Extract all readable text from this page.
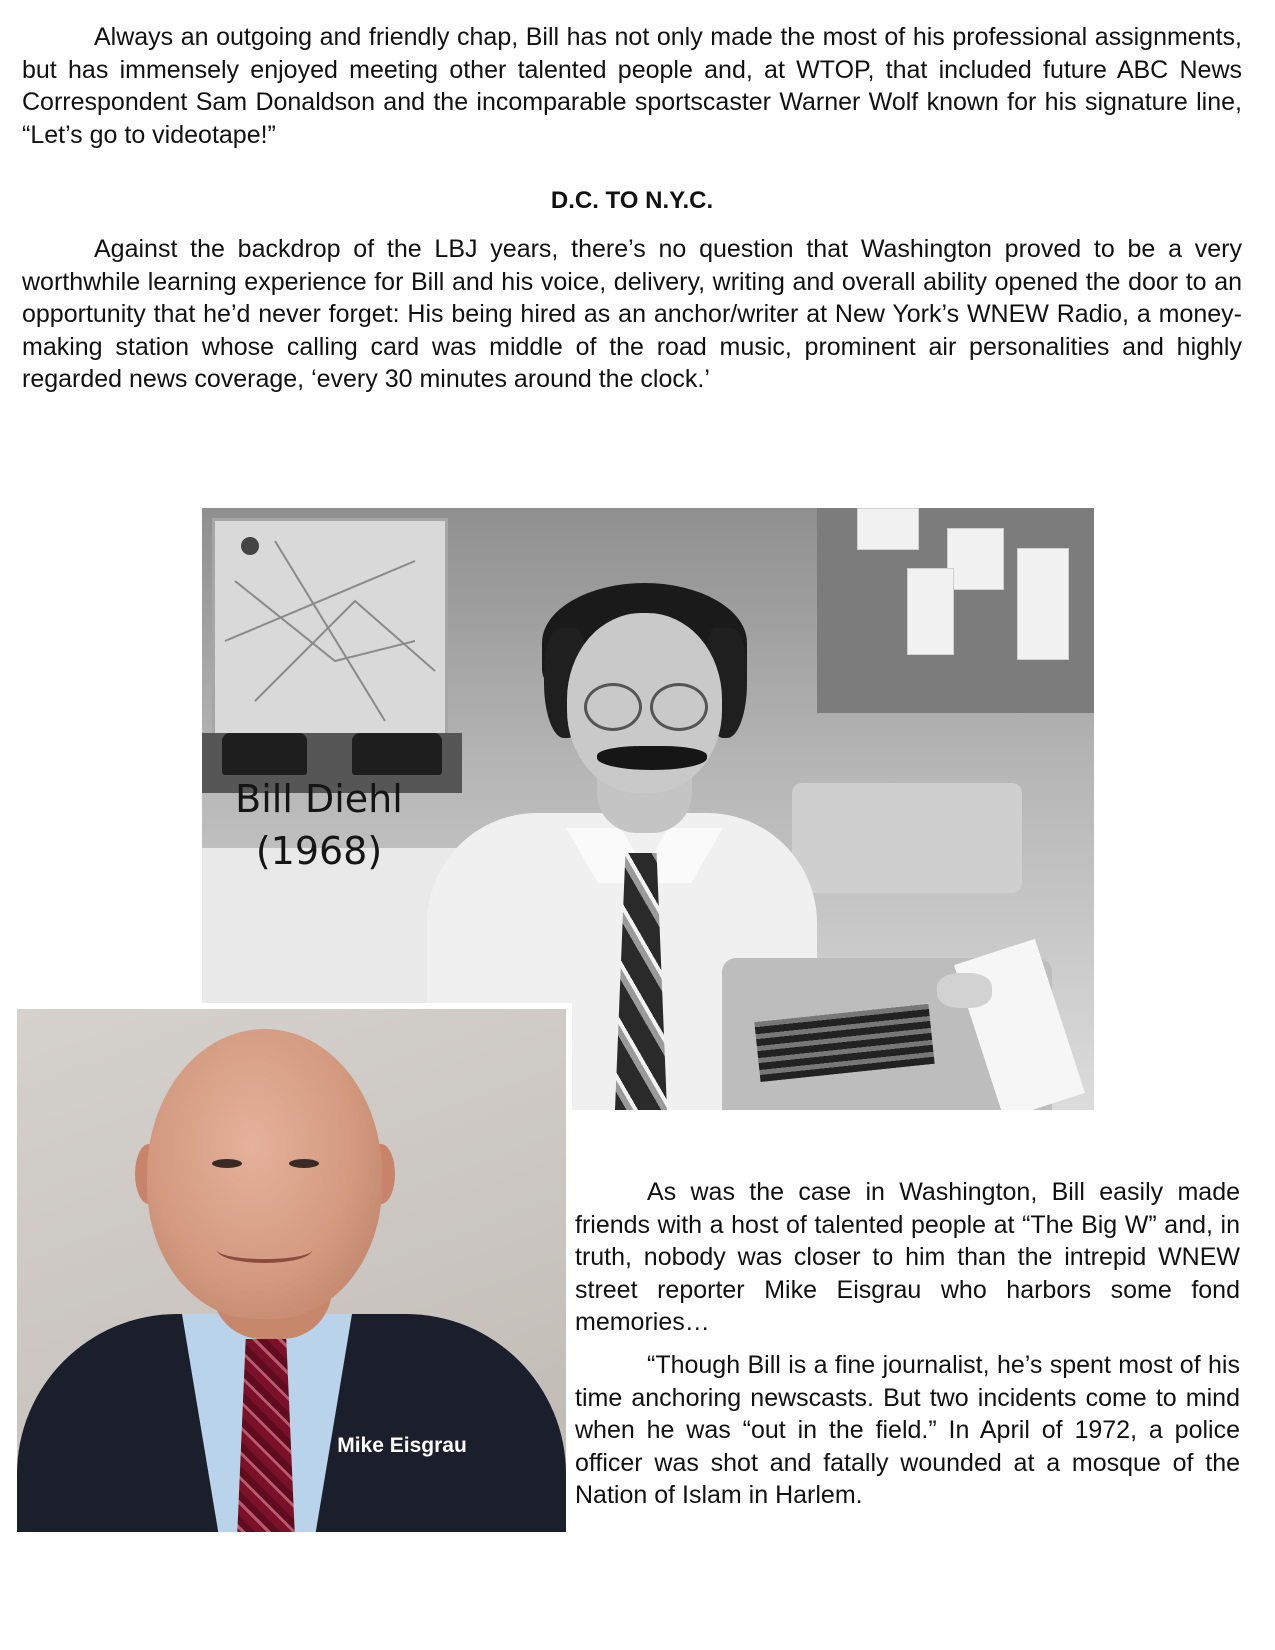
Always an outgoing and friendly chap, Bill has not only made the most of his professional assignments, but has immensely enjoyed meeting other talented people and, at WTOP, that included future ABC News Correspondent Sam Donaldson and the incomparable sportscaster Warner Wolf known for his signature line, “Let’s go to videotape!”

D.C. TO N.Y.C.

Against the backdrop of the LBJ years, there’s no question that Washington proved to be a very worthwhile learning experience for Bill and his voice, delivery, writing and overall ability opened the door to an opportunity that he’d never forget: His being hired as an anchor/writer at New York’s WNEW Radio, a money-making station whose calling card was middle of the road music, prominent air personalities and highly regarded news coverage, ‘every 30 minutes around the clock.’

Bill Diehl
(1968)
Mike Eisgrau

As was the case in Washington, Bill easily made friends with a host of talented people at “The Big W” and, in truth, nobody was closer to him than the intrepid WNEW street reporter Mike Eisgrau who harbors some fond memories…

“Though Bill is a fine journalist, he’s spent most of his time anchoring newscasts. But two incidents come to mind when he was “out in the field.” In April of 1972, a police officer was shot and fatally wounded at a mosque of the Nation of Islam in Harlem.
